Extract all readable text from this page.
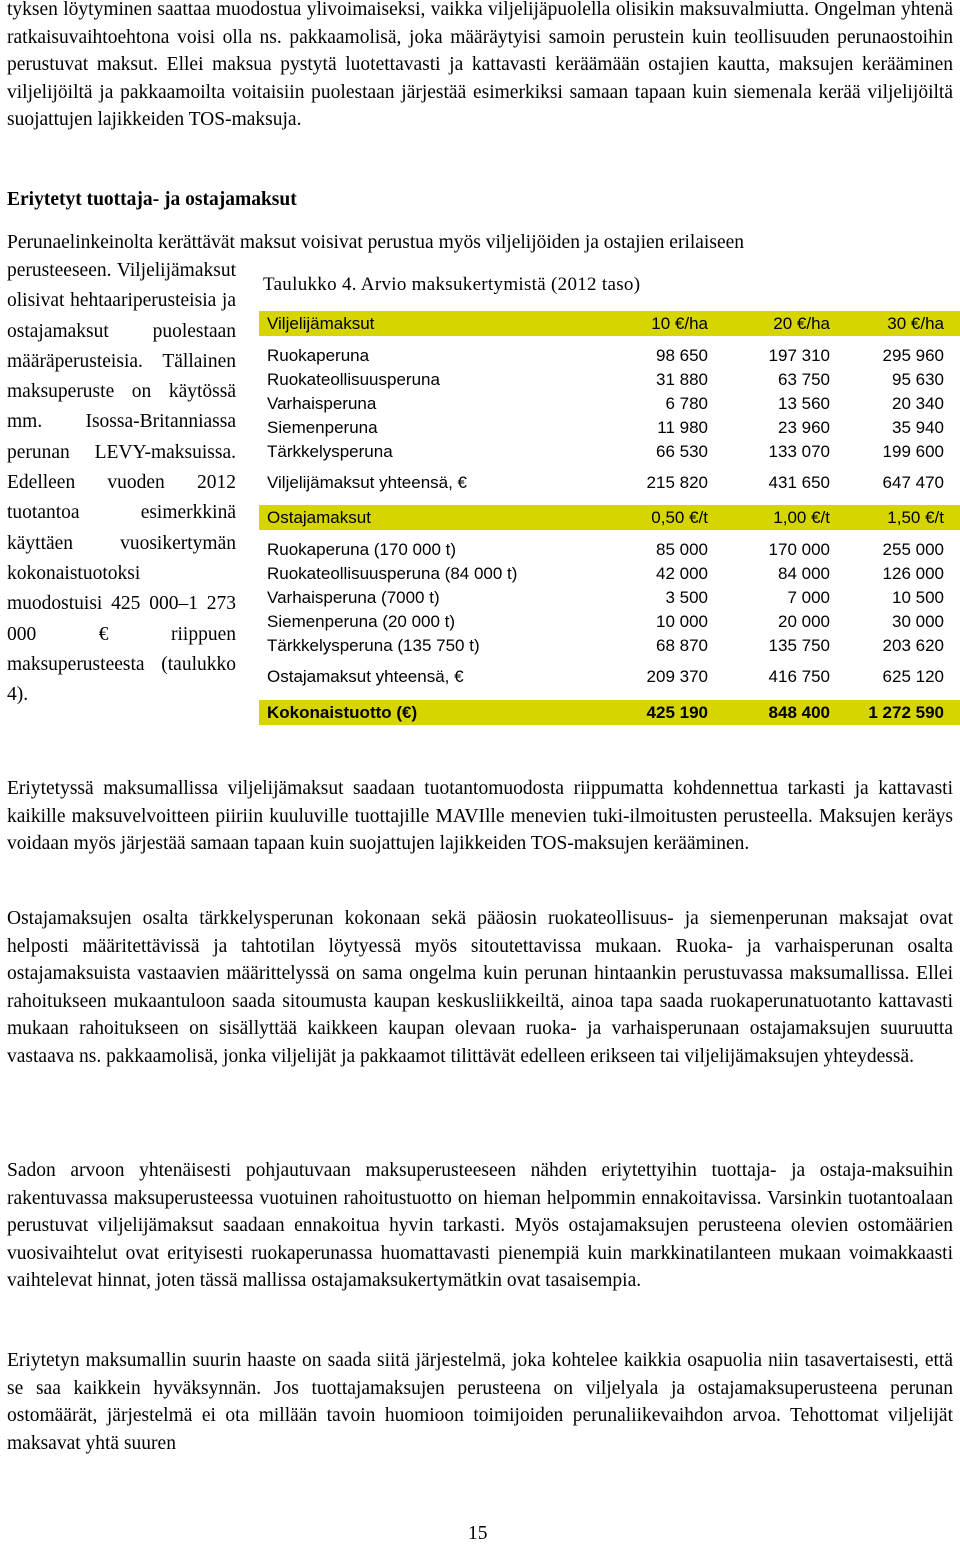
tyksen löytyminen saattaa muodostua ylivoimaiseksi, vaikka viljelijäpuolella olisikin maksuvalmiutta. Ongelman yhtenä ratkaisuvaihtoehtona voisi olla ns. pakkaamolisä, joka määräytyisi samoin perustein kuin teollisuuden perunaostoihin perustuvat maksut. Ellei maksua pystytä luotettavasti ja kattavasti keräämään ostajien kautta, maksujen kerääminen viljelijöiltä ja pakkaamoilta voitaisiin puolestaan järjestää esimerkiksi samaan tapaan kuin siemenala kerää viljelijöiltä suojattujen lajikkeiden TOS-maksuja.

Eriytetyt tuottaja- ja ostajamaksut

Perunaelinkeinolta kerättävät maksut voisivat perustua myös viljelijöiden ja ostajien erilaiseen

perusteeseen. Viljelijämaksut olisivat hehtaariperusteisia ja ostajamaksut puolestaan määräperusteisia. Tällainen maksuperuste on käytössä mm. Isossa-Britanniassa perunan LEVY-maksuissa. Edelleen vuoden 2012 tuotantoa esimerkkinä käyttäen vuosikertymän kokonaistuotoksi muodostuisi 425 000–1 273 000 € riippuen maksuperusteesta (taulukko 4).

Taulukko 4. Arvio maksukertymistä (2012 taso)

Viljelijämaksut	10 €/ha	20 €/ha	30 €/ha
Ruokaperuna	98 650	197 310	295 960
Ruokateollisuusperuna	31 880	63 750	95 630
Varhaisperuna	6 780	13 560	20 340
Siemenperuna	11 980	23 960	35 940
Tärkkelysperuna	66 530	133 070	199 600
Viljelijämaksut yhteensä, €	215 820	431 650	647 470
Ostajamaksut	0,50 €/t	1,00 €/t	1,50 €/t
Ruokaperuna (170 000 t)	85 000	170 000	255 000
Ruokateollisuusperuna (84 000 t)	42 000	84 000	126 000
Varhaisperuna (7000 t)	3 500	7 000	10 500
Siemenperuna (20 000 t)	10 000	20 000	30 000
Tärkkelysperuna (135 750 t)	68 870	135 750	203 620
Ostajamaksut yhteensä, €	209 370	416 750	625 120
Kokonaistuotto (€)	425 190	848 400	1 272 590

Eriytetyssä maksumallissa viljelijämaksut saadaan tuotantomuodosta riippumatta kohdennettua tarkasti ja kattavasti kaikille maksuvelvoitteen piiriin kuuluville tuottajille MAVIlle menevien tuki-ilmoitusten perusteella. Maksujen keräys voidaan myös järjestää samaan tapaan kuin suojattujen lajikkeiden TOS-maksujen kerääminen.

Ostajamaksujen osalta tärkkelysperunan kokonaan sekä pääosin ruokateollisuus- ja siemenperunan maksajat ovat helposti määritettävissä ja tahtotilan löytyessä myös sitoutettavissa mukaan. Ruoka- ja varhaisperunan osalta ostajamaksuista vastaavien määrittelyssä on sama ongelma kuin perunan hintaankin perustuvassa maksumallissa. Ellei rahoitukseen mukaantuloon saada sitoumusta kaupan keskusliikkeiltä, ainoa tapa saada ruokaperunatuotanto kattavasti mukaan rahoitukseen on sisällyttää kaikkeen kaupan olevaan ruoka- ja varhaisperunaan ostajamaksujen suuruutta vastaava ns. pakkaamolisä, jonka viljelijät ja pakkaamot tilittävät edelleen erikseen tai viljelijämaksujen yhteydessä.

Sadon arvoon yhtenäisesti pohjautuvaan maksuperusteeseen nähden eriytettyihin tuottaja- ja ostaja-maksuihin rakentuvassa maksuperusteessa vuotuinen rahoitustuotto on hieman helpommin ennakoitavissa. Varsinkin tuotantoalaan perustuvat viljelijämaksut saadaan ennakoitua hyvin tarkasti. Myös ostajamaksujen perusteena olevien ostomäärien vuosivaihtelut ovat erityisesti ruokaperunassa huomattavasti pienempiä kuin markkinatilanteen mukaan voimakkaasti vaihtelevat hinnat, joten tässä mallissa ostajamaksukertymätkin ovat tasaisempia.

Eriytetyn maksumallin suurin haaste on saada siitä järjestelmä, joka kohtelee kaikkia osapuolia niin tasavertaisesti, että se saa kaikkein hyväksynnän. Jos tuottajamaksujen perusteena on viljelyala ja ostajamaksuperusteena perunan ostomäärät, järjestelmä ei ota millään tavoin huomioon toimijoiden perunaliikevaihdon arvoa. Tehottomat viljelijät maksavat yhtä suuren

15
